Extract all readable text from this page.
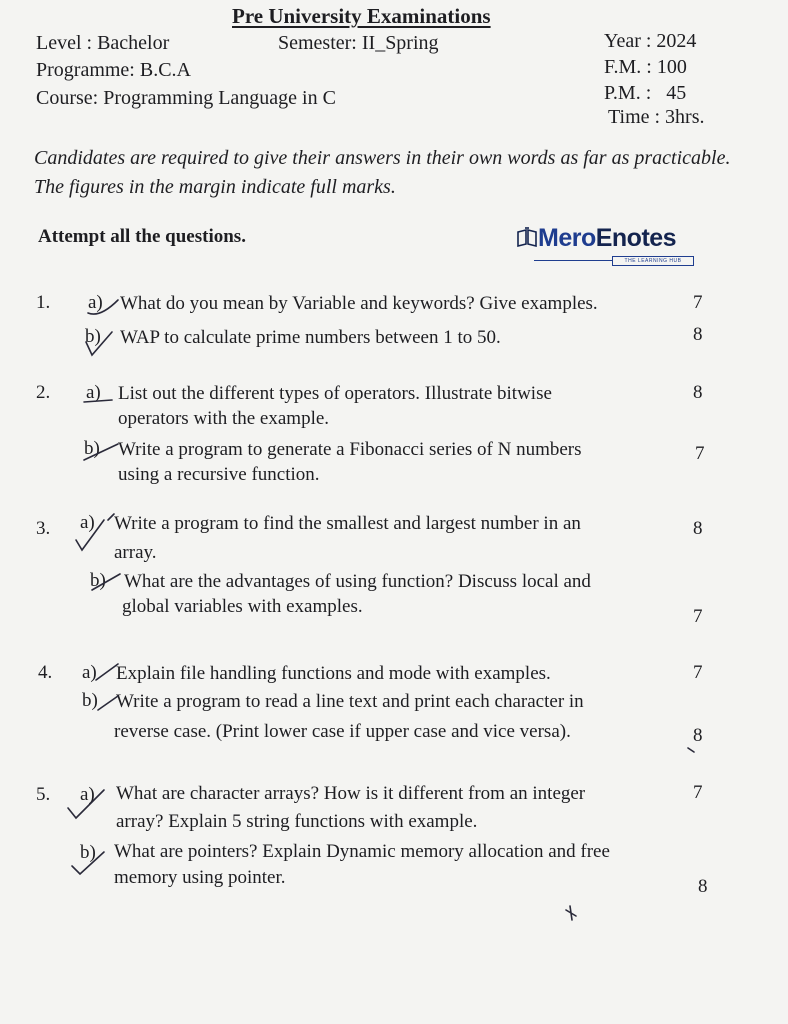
Pre University Examinations
Level : Bachelor	Semester: II_Spring	Year : 2024
Programme: B.C.A	F.M. : 100
Course: Programming Language in C	P.M. :   45
Time : 3hrs.
Candidates are required to give their answers in their own words as far as practicable. The figures in the margin indicate full marks.
Attempt all the questions.	MeroEnotes
THE LEARNING HUB
1. a) What do you mean by Variable and keywords? Give examples.	7
b) WAP to calculate prime numbers between 1 to 50.	8
2. a) List out the different types of operators. Illustrate bitwise
operators with the example.
8
b) Write a program to generate a Fibonacci series of N numbers
using a recursive function.
7
3. a) Write a program to find the smallest and largest number in an
array.
8
b) What are the advantages of using function? Discuss local and
global variables with examples.	7
4. a) Explain file handling functions and mode with examples.	7
b) Write a program to read a line text and print each character in
reverse case. (Print lower case if upper case and vice versa).	8
5. a) What are character arrays? How is it different from an integer
array? Explain 5 string functions with example.
7
b) What are pointers? Explain Dynamic memory allocation and free
memory using pointer.	8
